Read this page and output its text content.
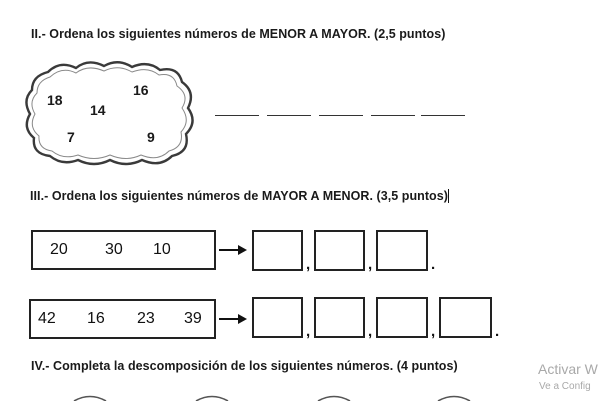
II.- Ordena los siguientes números de MENOR A MAYOR. (2,5 puntos)
18
14
16
7	9
III.- Ordena los siguientes números de MAYOR A MENOR. (3,5 puntos)
20 30 10
,	,	.
42 16 23 39
,	,	,	.
IV.- Completa la descomposición de los siguientes números. (4 puntos)	Activar W
Ve a Config
